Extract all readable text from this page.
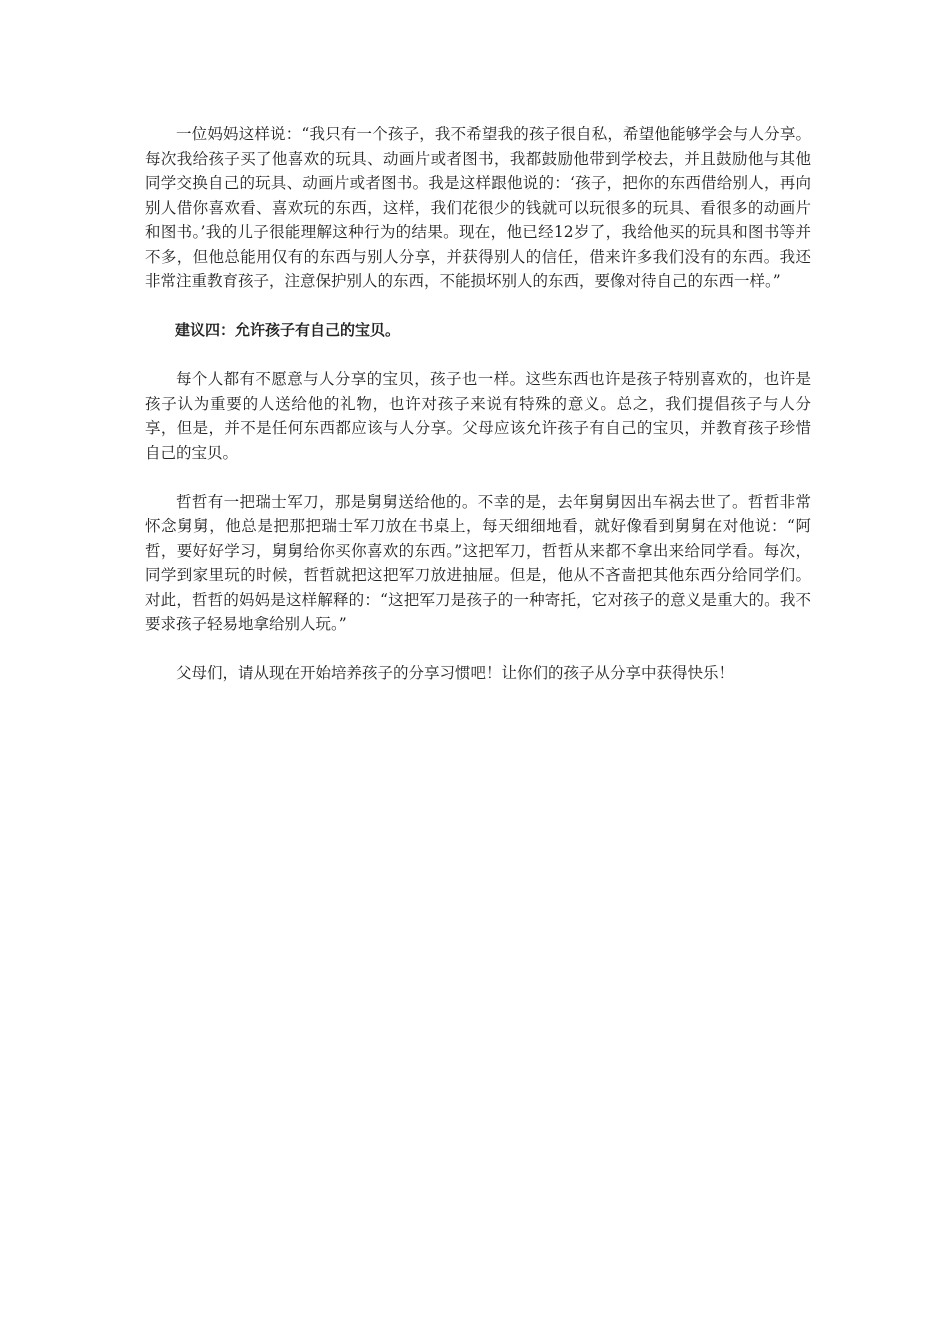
一位妈妈这样说：“我只有一个孩子，我不希望我的孩子很自私，希望他能够学会与人分享。每次我给孩子买了他喜欢的玩具、动画片或者图书，我都鼓励他带到学校去，并且鼓励他与其他同学交换自己的玩具、动画片或者图书。我是这样跟他说的：‘孩子，把你的东西借给别人，再向别人借你喜欢看、喜欢玩的东西，这样，我们花很少的钱就可以玩很多的玩具、看很多的动画片和图书。’我的儿子很能理解这种行为的结果。现在，他已经12岁了，我给他买的玩具和图书等并不多，但他总能用仅有的东西与别人分享，并获得别人的信任，借来许多我们没有的东西。我还非常注重教育孩子，注意保护别人的东西，不能损坏别人的东西，要像对待自己的东西一样。”

建议四：允许孩子有自己的宝贝。

每个人都有不愿意与人分享的宝贝，孩子也一样。这些东西也许是孩子特别喜欢的，也许是孩子认为重要的人送给他的礼物，也许对孩子来说有特殊的意义。总之，我们提倡孩子与人分享，但是，并不是任何东西都应该与人分享。父母应该允许孩子有自己的宝贝，并教育孩子珍惜自己的宝贝。

哲哲有一把瑞士军刀，那是舅舅送给他的。不幸的是，去年舅舅因出车祸去世了。哲哲非常怀念舅舅，他总是把那把瑞士军刀放在书桌上，每天细细地看，就好像看到舅舅在对他说：“阿哲，要好好学习，舅舅给你买你喜欢的东西。”这把军刀，哲哲从来都不拿出来给同学看。每次，同学到家里玩的时候，哲哲就把这把军刀放进抽屉。但是，他从不吝啬把其他东西分给同学们。对此，哲哲的妈妈是这样解释的：“这把军刀是孩子的一种寄托，它对孩子的意义是重大的。我不要求孩子轻易地拿给别人玩。”

父母们，请从现在开始培养孩子的分享习惯吧！让你们的孩子从分享中获得快乐！
